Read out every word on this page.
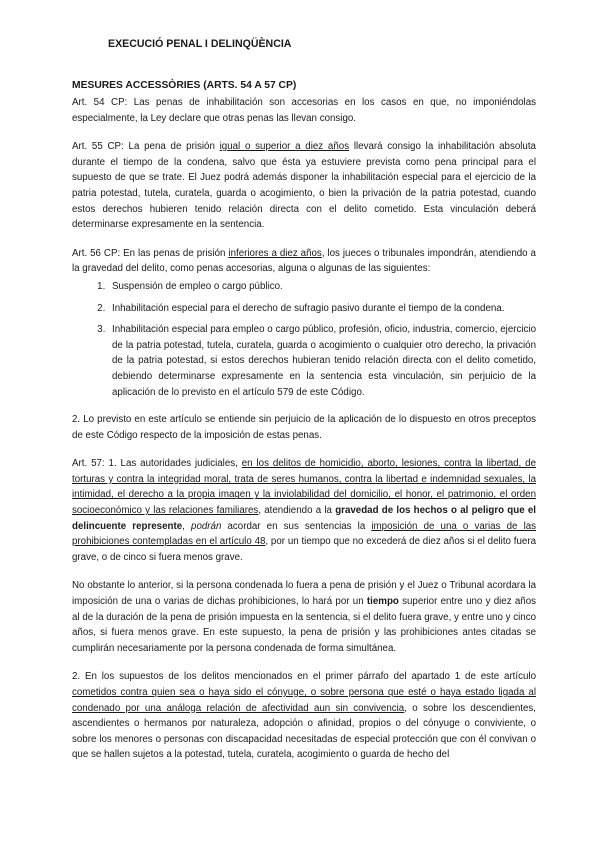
EXECUCIÓ PENAL I DELINQÜÈNCIA
MESURES ACCESSÒRIES (ARTS. 54 A 57 CP)

Art. 54 CP: Las penas de inhabilitación son accesorias en los casos en que, no imponiéndolas especialmente, la Ley declare que otras penas las llevan consigo.

Art. 55 CP: La pena de prisión igual o superior a diez años llevará consigo la inhabilitación absoluta durante el tiempo de la condena, salvo que ésta ya estuviere prevista como pena principal para el supuesto de que se trate. El Juez podrá además disponer la inhabilitación especial para el ejercicio de la patria potestad, tutela, curatela, guarda o acogimiento, o bien la privación de la patria potestad, cuando estos derechos hubieren tenido relación directa con el delito cometido. Esta vinculación deberá determinarse expresamente en la sentencia.

Art. 56 CP: En las penas de prisión inferiores a diez años, los jueces o tribunales impondrán, atendiendo a la gravedad del delito, como penas accesorias, alguna o algunas de las siguientes:

1. Suspensión de empleo o cargo público.
2. Inhabilitación especial para el derecho de sufragio pasivo durante el tiempo de la condena.
3. Inhabilitación especial para empleo o cargo público, profesión, oficio, industria, comercio, ejercicio de la patria potestad, tutela, curatela, guarda o acogimiento o cualquier otro derecho, la privación de la patria potestad, si estos derechos hubieran tenido relación directa con el delito cometido, debiendo determinarse expresamente en la sentencia esta vinculación, sin perjuicio de la aplicación de lo previsto en el artículo 579 de este Código.

2. Lo previsto en este artículo se entiende sin perjuicio de la aplicación de lo dispuesto en otros preceptos de este Código respecto de la imposición de estas penas.

Art. 57: 1. Las autoridades judiciales, en los delitos de homicidio, aborto, lesiones, contra la libertad, de torturas y contra la integridad moral, trata de seres humanos, contra la libertad e indemnidad sexuales, la intimidad, el derecho a la propia imagen y la inviolabilidad del domicilio, el honor, el patrimonio, el orden socioeconómico y las relaciones familiares, atendiendo a la gravedad de los hechos o al peligro que el delincuente represente, podrán acordar en sus sentencias la imposición de una o varias de las prohibiciones contempladas en el artículo 48, por un tiempo que no excederá de diez años si el delito fuera grave, o de cinco si fuera menos grave.

No obstante lo anterior, si la persona condenada lo fuera a pena de prisión y el Juez o Tribunal acordara la imposición de una o varias de dichas prohibiciones, lo hará por un tiempo superior entre uno y diez años al de la duración de la pena de prisión impuesta en la sentencia, si el delito fuera grave, y entre uno y cinco años, si fuera menos grave. En este supuesto, la pena de prisión y las prohibiciones antes citadas se cumplirán necesariamente por la persona condenada de forma simultánea.

2. En los supuestos de los delitos mencionados en el primer párrafo del apartado 1 de este artículo cometidos contra quien sea o haya sido el cónyuge, o sobre persona que esté o haya estado ligada al condenado por una análoga relación de afectividad aun sin convivencia, o sobre los descendientes, ascendientes o hermanos por naturaleza, adopción o afinidad, propios o del cónyuge o conviviente, o sobre los menores o personas con discapacidad necesitadas de especial protección que con él convivan o que se hallen sujetos a la potestad, tutela, curatela, acogimiento o guarda de hecho del
